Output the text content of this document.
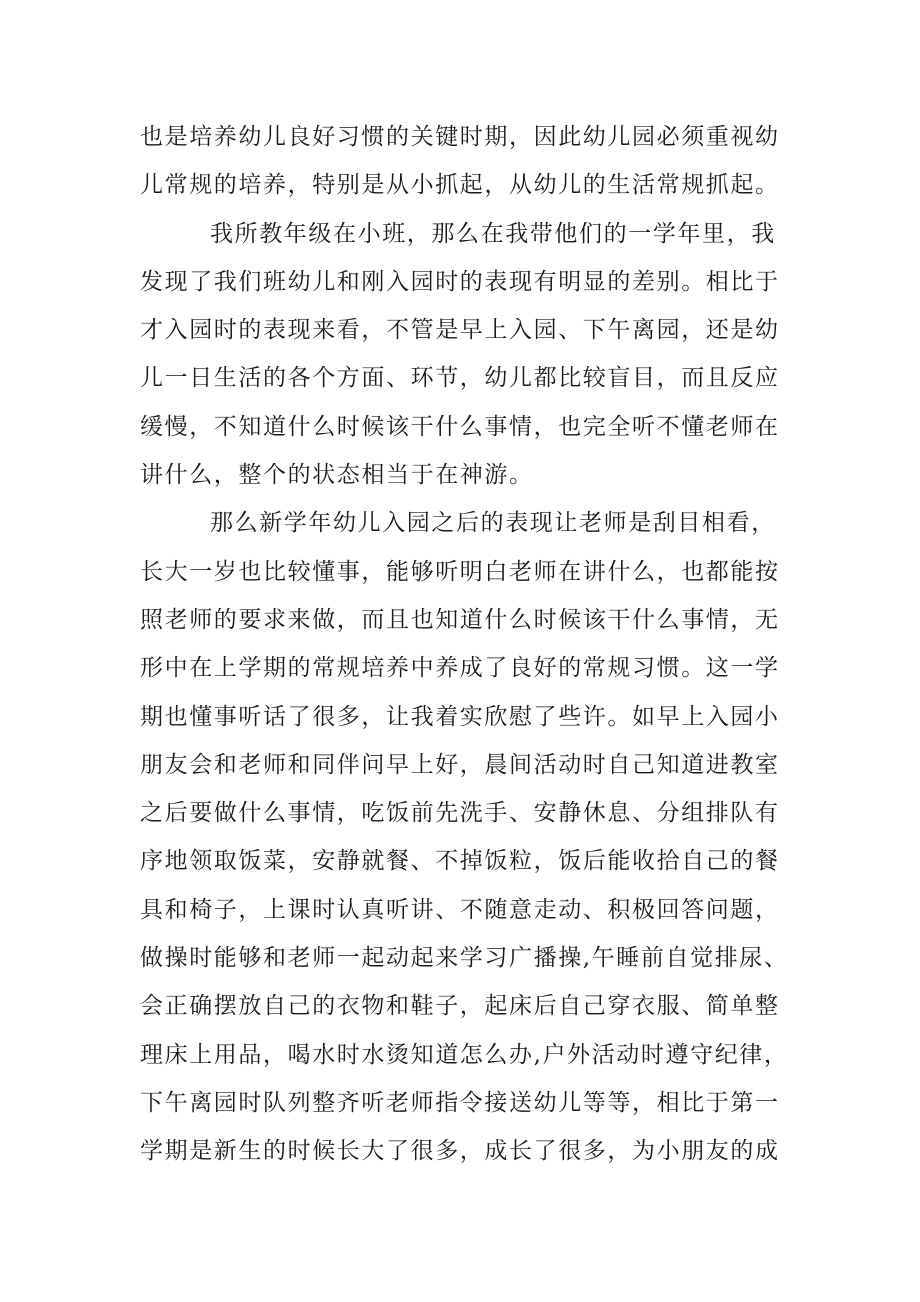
也是培养幼儿良好习惯的关键时期，因此幼儿园必须重视幼
儿常规的培养，特别是从小抓起，从幼儿的生活常规抓起。
我所教年级在小班，那么在我带他们的一学年里，我
发现了我们班幼儿和刚入园时的表现有明显的差别。相比于
才入园时的表现来看，不管是早上入园、下午离园，还是幼
儿一日生活的各个方面、环节，幼儿都比较盲目，而且反应
缓慢，不知道什么时候该干什么事情，也完全听不懂老师在
讲什么，整个的状态相当于在神游。
那么新学年幼儿入园之后的表现让老师是刮目相看，
长大一岁也比较懂事，能够听明白老师在讲什么，也都能按
照老师的要求来做，而且也知道什么时候该干什么事情，无
形中在上学期的常规培养中养成了良好的常规习惯。这一学
期也懂事听话了很多，让我着实欣慰了些许。如早上入园小
朋友会和老师和同伴问早上好，晨间活动时自己知道进教室
之后要做什么事情，吃饭前先洗手、安静休息、分组排队有
序地领取饭菜，安静就餐、不掉饭粒，饭后能收拾自己的餐
具和椅子，上课时认真听讲、不随意走动、积极回答问题，
做操时能够和老师一起动起来学习广播操,午睡前自觉排尿、
会正确摆放自己的衣物和鞋子，起床后自己穿衣服、简单整
理床上用品，喝水时水烫知道怎么办,户外活动时遵守纪律，
下午离园时队列整齐听老师指令接送幼儿等等，相比于第一
学期是新生的时候长大了很多，成长了很多，为小朋友的成
